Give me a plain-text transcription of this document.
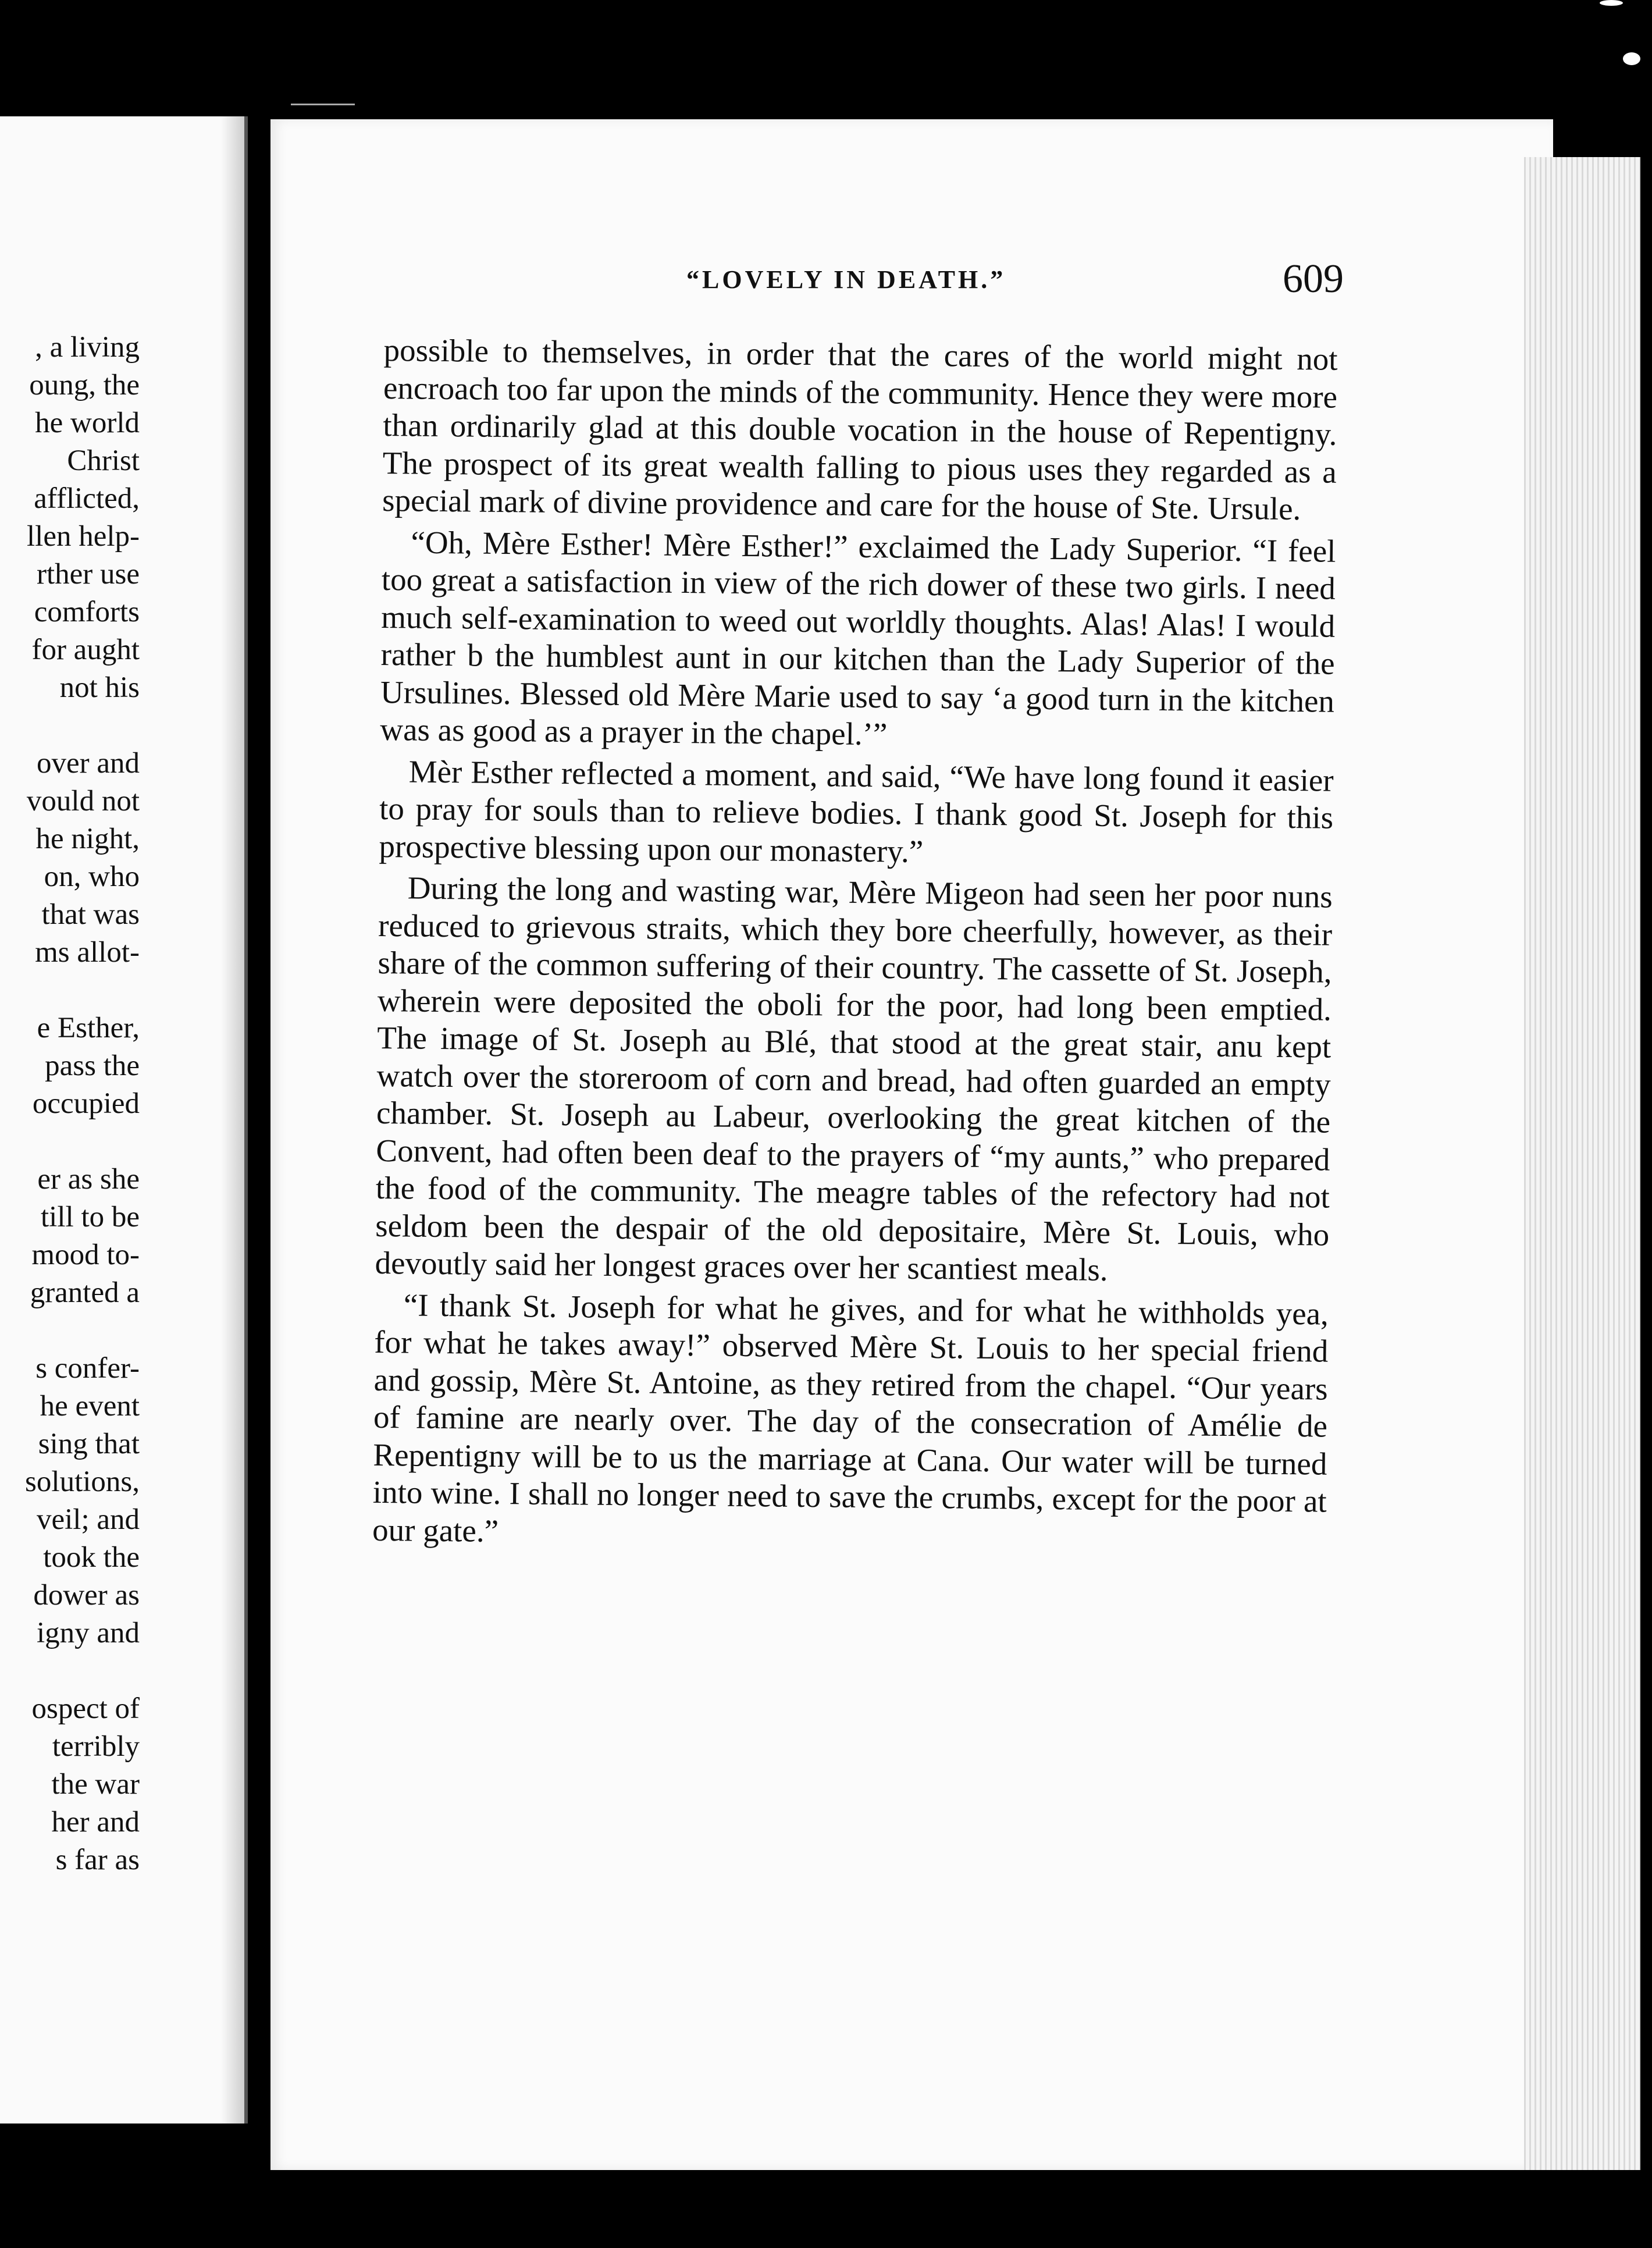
, a living
oung, the
he world
Christ
afflicted,
llen help-
rther use
comforts
for aught
not his
over and
vould not
he night,
on, who
that was
ms allot-
e Esther,
pass the
occupied
er as she
till to be
mood to-
granted a
s confer-
he event
sing that
solutions,
veil; and
took the
dower as
igny and
ospect of
terribly
the war
her and
s far as
“LOVELY IN DEATH.”	609

possible to themselves, in order that the cares of the world might not encroach too far upon the minds of the community. Hence they were more than ordinarily glad at this double vocation in the house of Repentigny. The prospect of its great wealth falling to pious uses they regarded as a special mark of divine providence and care for the house of Ste. Ursule.

“Oh, Mère Esther! Mère Esther!” exclaimed the Lady Superior. “I feel too great a satisfaction in view of the rich dower of these two girls. I need much self-examination to weed out worldly thoughts. Alas! Alas! I would rather b the humblest aunt in our kitchen than the Lady Superior of the Ursulines. Blessed old Mère Marie used to say ‘a good turn in the kitchen was as good as a prayer in the chapel.’”

Mèr Esther reflected a moment, and said, “We have long found it easier to pray for souls than to relieve bodies. I thank good St. Joseph for this prospective blessing upon our monastery.”

During the long and wasting war, Mère Migeon had seen her poor nuns reduced to grievous straits, which they bore cheerfully, however, as their share of the common suffering of their country. The cassette of St. Joseph, wherein were deposited the oboli for the poor, had long been emptied. The image of St. Joseph au Blé, that stood at the great stair, anu kept watch over the storeroom of corn and bread, had often guarded an empty chamber. St. Joseph au Labeur, overlooking the great kitchen of the Convent, had often been deaf to the prayers of “my aunts,” who prepared the food of the community. The meagre tables of the refectory had not seldom been the despair of the old depositaire, Mère St. Louis, who devoutly said her longest graces over her scantiest meals.

“I thank St. Joseph for what he gives, and for what he withholds yea, for what he takes away!” observed Mère St. Louis to her special friend and gossip, Mère St. Antoine, as they retired from the chapel. “Our years of famine are nearly over. The day of the consecration of Amélie de Repentigny will be to us the marriage at Cana. Our water will be turned into wine. I shall no longer need to save the crumbs, except for the poor at our gate.”
